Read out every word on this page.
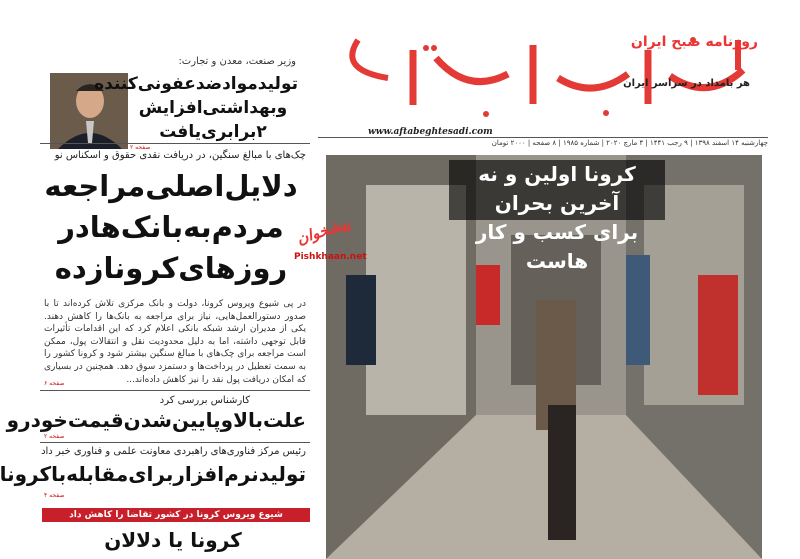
روزنامه صبح ایران
هر بامداد در سراسر ایران
www.aftabeghtesadi.com
چهارشنبه ۱۴ اسفند ۱۳۹۸ | ۹ رجب ۱۴۴۱ | ۴ مارچ ۲۰۲۰ | شماره ۱۹۸۵ | ۸ صفحه | ۲۰۰۰ تومان
کرونا اولین و نه آخرین بحران
برای کسب و کار هاست
وزیر صنعت، معدن و تجارت:
تولیدموادضدعفونی‌کننده
وبهداشتی‌افزایش
۲برابری‌یافت
صفحه ۲
چک‌های با مبالغ سنگین، در دریافت نقدی حقوق و اسکناس نو
دلایل‌اصلی‌مراجعه
مردم‌به‌بانک‌هادر
روزهای‌کرونازده
در پی شیوع ویروس کرونا، دولت و بانک مرکزی تلاش کرده‌اند تا با صدور دستورالعمل‌هایی، نیاز برای مراجعه به بانک‌ها را کاهش دهند. یکی از مدیران ارشد شبکه بانکی اعلام کرد که این اقدامات تأثیرات قابل توجهی داشته، اما به دلیل محدودیت نقل و انتقالات پول، ممکن است مراجعه برای چک‌های با مبالغ سنگین بیشتر شود و کرونا کشور را به سمت تعطیل در پرداخت‌ها و دستمزد سوق دهد. همچنین در بسیاری که امکان دریافت پول نقد را نیز کاهش داده‌اند...
صفحه ۶
کارشناس بررسی کرد
علت‌بالاوپایین‌شدن‌قیمت‌خودرو
صفحه ۲
رئیس مرکز فناوری‌های راهبردی معاونت علمی و فناوری خبر داد
تولیدنرم‌افزاربرای‌مقابله‌باکرونا
صفحه ۴
شیوع ویروس کرونا در کشور تقاضا را کاهش داد
کرونا یا دلالان
پیشخوان
Pishkhaan.net
